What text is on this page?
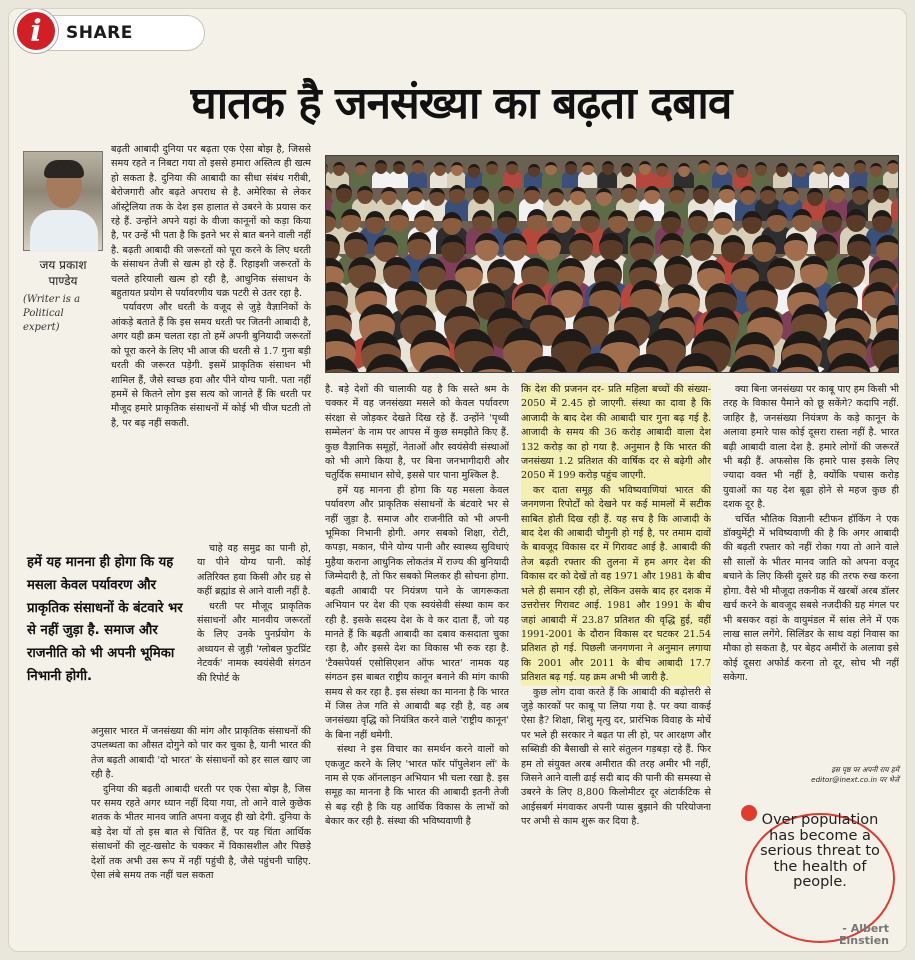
i	SHARE
घातक है जनसंख्या का बढ़ता दबाव
जय प्रकाश
पाण्डेय
(Writer is a Political expert)

बढ़ती आबादी दुनिया पर बढ़ता एक ऐसा बोझ है, जिससे समय रहते न निबटा गया तो इससे हमारा अस्तित्व ही खत्म हो सकता है. दुनिया की आबादी का सीधा संबंध गरीबी, बेरोजगारी और बढ़ते अपराध से है. अमेरिका से लेकर ऑस्ट्रेलिया तक के देश इस हालात से उबरने के प्रयास कर रहे हैं. उन्होंने अपने यहां के वीजा कानूनों को कड़ा किया है, पर उन्हें भी पता है कि इतने भर से बात बनने वाली नहीं है. बढ़ती आबादी की जरूरतों को पूरा करने के लिए धरती के संसाधन तेजी से खत्म हो रहे हैं. रिहाइशी जरूरतों के चलते हरियाली खत्म हो रही है, आधुनिक संसाधन के बहुतायत प्रयोग से पर्यावरणीय चक्र पटरी से उतर रहा है.

पर्यावरण और धरती के वजूद से जुड़े वैज्ञानिकों के आंकड़े बताते हैं कि इस समय धरती पर जितनी आबादी है, अगर यही क्रम चलता रहा तो हमें अपनी बुनियादी जरूरतों को पूरा करने के लिए भी आज की धरती से 1.7 गुना बड़ी धरती की जरूरत पड़ेगी. इसमें प्राकृतिक संसाधन भी शामिल हैं, जैसे स्वच्छ हवा और पीने योग्य पानी. पता नहीं हममें से कितने लोग इस सत्य को जानते हैं कि धरती पर मौजूद हमारे प्राकृतिक संसाधनों में कोई भी चीज घटती तो है, पर बढ़ नहीं सकती.

हमें यह मानना ही होगा कि यह मसला केवल पर्यावरण और प्राकृतिक संसाधनों के बंटवारे भर से नहीं जुड़ा है. समाज और राजनीति को भी अपनी भूमिका निभानी होगी.

चाहे वह समुद्र का पानी हो, या पीने योग्य पानी. कोई अतिरिक्त हवा किसी और ग्रह से कहीं ब्रह्मांड से आने वाली नहीं है.

धरती पर मौजूद प्राकृतिक संसाधनों और मानवीय जरूरतों के लिए उनके पुनर्प्रयोग के अध्ययन से जुड़ी 'ग्लोबल फुटप्रिंट नेटवर्क' नामक स्वयंसेवी संगठन की रिपोर्ट के

अनुसार भारत में जनसंख्या की मांग और प्राकृतिक संसाधनों की उपलब्धता का औसत दोगुने को पार कर चुका है, यानी भारत की तेज बढ़ती आबादी 'दो भारत' के संसाधनों को हर साल खाए जा रही है.

दुनिया की बढ़ती आबादी धरती पर एक ऐसा बोझ है, जिस पर समय रहते अगर ध्यान नहीं दिया गया, तो आने वाले कुछेक शतक के भीतर मानव जाति अपना वजूद ही खो देगी. दुनिया के बड़े देश यों तो इस बात से चिंतित हैं, पर यह चिंता आर्थिक संसाधनों की लूट-खसोट के चक्कर में विकासशील और पिछड़े देशों तक अभी उस रूप में नहीं पहुंची है, जैसे पहुंचनी चाहिए. ऐसा लंबे समय तक नहीं चल सकता

है. बड़े देशों की चालाकी यह है कि सस्ते श्रम के चक्कर में वह जनसंख्या मसले को केवल पर्यावरण संरक्षा से जोड़कर देखते दिख रहे हैं. उन्होंने 'पृथ्वी सम्मेलन' के नाम पर आपस में कुछ समझौते किए हैं. कुछ वैज्ञानिक समूहों, नेताओं और स्वयंसेवी संस्थाओं को भी आगे किया है, पर बिना जनभागीदारी और चतुर्दिक समाधान सोचे, इससे पार पाना मुश्किल है.

हमें यह मानना ही होगा कि यह मसला केवल पर्यावरण और प्राकृतिक संसाधनों के बंटवारे भर से नहीं जुड़ा है. समाज और राजनीति को भी अपनी भूमिका निभानी होगी. अगर सबको शिक्षा, रोटी, कपड़ा, मकान, पीने योग्य पानी और स्वास्थ्य सुविधाएं मुहैया कराना आधुनिक लोकतंत्र में राज्य की बुनियादी जिम्मेदारी है, तो फिर सबको मिलकर ही सोचना होगा. बढ़ती आबादी पर नियंत्रण पाने के जागरूकता अभियान पर देश की एक स्वयंसेवी संस्था काम कर रही है. इसके सदस्य देश के वे कर दाता हैं, जो यह मानते हैं कि बढ़ती आबादी का दबाव कसदाता चुका रहा है, और इससे देश का विकास भी रुक रहा है. 'टैक्सपेयर्स एसोसिएशन ऑफ भारत' नामक यह संगठन इस बाबत राष्ट्रीय कानून बनाने की मांग काफी समय से कर रहा है. इस संस्था का मानना है कि भारत में जिस तेज गति से आबादी बढ़ रही है, वह अब जनसंख्या वृद्धि को नियंत्रित करने वाले 'राष्ट्रीय कानून' के बिना नहीं थमेगी.

संस्था ने इस विचार का समर्थन करने वालों को एकजुट करने के लिए 'भारत फॉर पॉपुलेशन लॉ' के नाम से एक ऑनलाइन अभियान भी चला रखा है. इस समूह का मानना है कि भारत की आबादी इतनी तेजी से बढ़ रही है कि यह आर्थिक विकास के लाभों को बेकार कर रही है. संस्था की भविष्यवाणी है

कि देश की प्रजनन दर- प्रति महिला बच्चों की संख्या- 2050 में 2.45 हो जाएगी. संस्था का दावा है कि आजादी के बाद देश की आबादी चार गुना बढ़ गई है. आजादी के समय की 36 करोड़ आबादी वाला देश 132 करोड़ का हो गया है. अनुमान है कि भारत की जनसंख्या 1.2 प्रतिशत की वार्षिक दर से बढ़ेगी और 2050 में 199 करोड़ पहुंच जाएगी.

कर दाता समूह की भविष्यवाणियां भारत की जनगणना रिपोर्टों को देखने पर कई मामलों में सटीक साबित होती दिख रही हैं. यह सच है कि आजादी के बाद देश की आबादी चौगुनी हो गई है, पर तमाम दावों के बावजूद विकास दर में गिरावट आई है. आबादी की तेज बढ़ती रफ्तार की तुलना में हम अगर देश की विकास दर को देखें तो वह 1971 और 1981 के बीच भले ही समान रही हो, लेकिन उसके बाद हर दशक में उत्तरोत्तर गिरावट आई. 1981 और 1991 के बीच जहां आबादी में 23.87 प्रतिशत की वृद्धि हुई, वहीं 1991-2001 के दौरान विकास दर घटकर 21.54 प्रतिशत हो गई. पिछली जनगणना ने अनुमान लगाया कि 2001 और 2011 के बीच आबादी 17.7 प्रतिशत बढ़ गई. यह क्रम अभी भी जारी है.

कुछ लोग दावा करते हैं कि आबादी की बढ़ोत्तरी से जुड़े कारकों पर काबू पा लिया गया है. पर क्या वाकई ऐसा है? शिक्षा, शिशु मृत्यु दर, प्रारंभिक विवाह के मोर्चे पर भले ही सरकार ने बढ़त पा ली हो, पर आरक्षण और सब्सिडी की बैसाखी से सारे संतुलन गड़बड़ा रहे हैं. फिर हम तो संयुक्त अरब अमीरात की तरह अमीर भी नहीं, जिसने आने वाली ढाई सदी बाद की पानी की समस्या से उबरने के लिए 8,800 किलोमीटर दूर अंटार्कटिक से आईसबर्ग मंगवाकर अपनी प्यास बुझाने की परियोजना पर अभी से काम शुरू कर दिया है.

क्या बिना जनसंख्या पर काबू पाए हम किसी भी तरह के विकास पैमाने को छू सकेंगे? कदापि नहीं. जाहिर है, जनसंख्या नियंत्रण के कड़े कानून के अलावा हमारे पास कोई दूसरा रास्ता नहीं है. भारत बढ़ी आबादी वाला देश है. हमारे लोगों की जरूरतें भी बढ़ी हैं. अफसोस कि हमारे पास इसके लिए ज्यादा वक्त भी नहीं है, क्योंकि पचास करोड़ युवाओं का यह देश बूढ़ा होने से महज कुछ ही दशक दूर है.

चर्चित भौतिक विज्ञानी स्टीफन हॉकिंग ने एक डॉक्युमेंट्री में भविष्यवाणी की है कि अगर आबादी की बढ़ती रफ्तार को नहीं रोका गया तो आने वाले सौ सालों के भीतर मानव जाति को अपना वजूद बचाने के लिए किसी दूसरे ग्रह की तरफ रुख करना होगा. वैसे भी मौजूदा तकनीक में खरबों अरब डॉलर खर्च करने के बावजूद सबसे नजदीकी ग्रह मंगल पर भी बसकर वहां के वायुमंडल में सांस लेने में एक लाख साल लगेंगे. सिलिंडर के साथ वहां निवास का मौका हो सकता है, पर बेहद अमीरों के अलावा इसे कोई दूसरा अफोर्ड करना तो दूर, सोच भी नहीं सकेगा.

इस पृष्ठ पर अपनी राय हमें
editor@inext.co.in पर भेजें
Over population has become a serious threat to the health of people.
- Albert
Einstien
